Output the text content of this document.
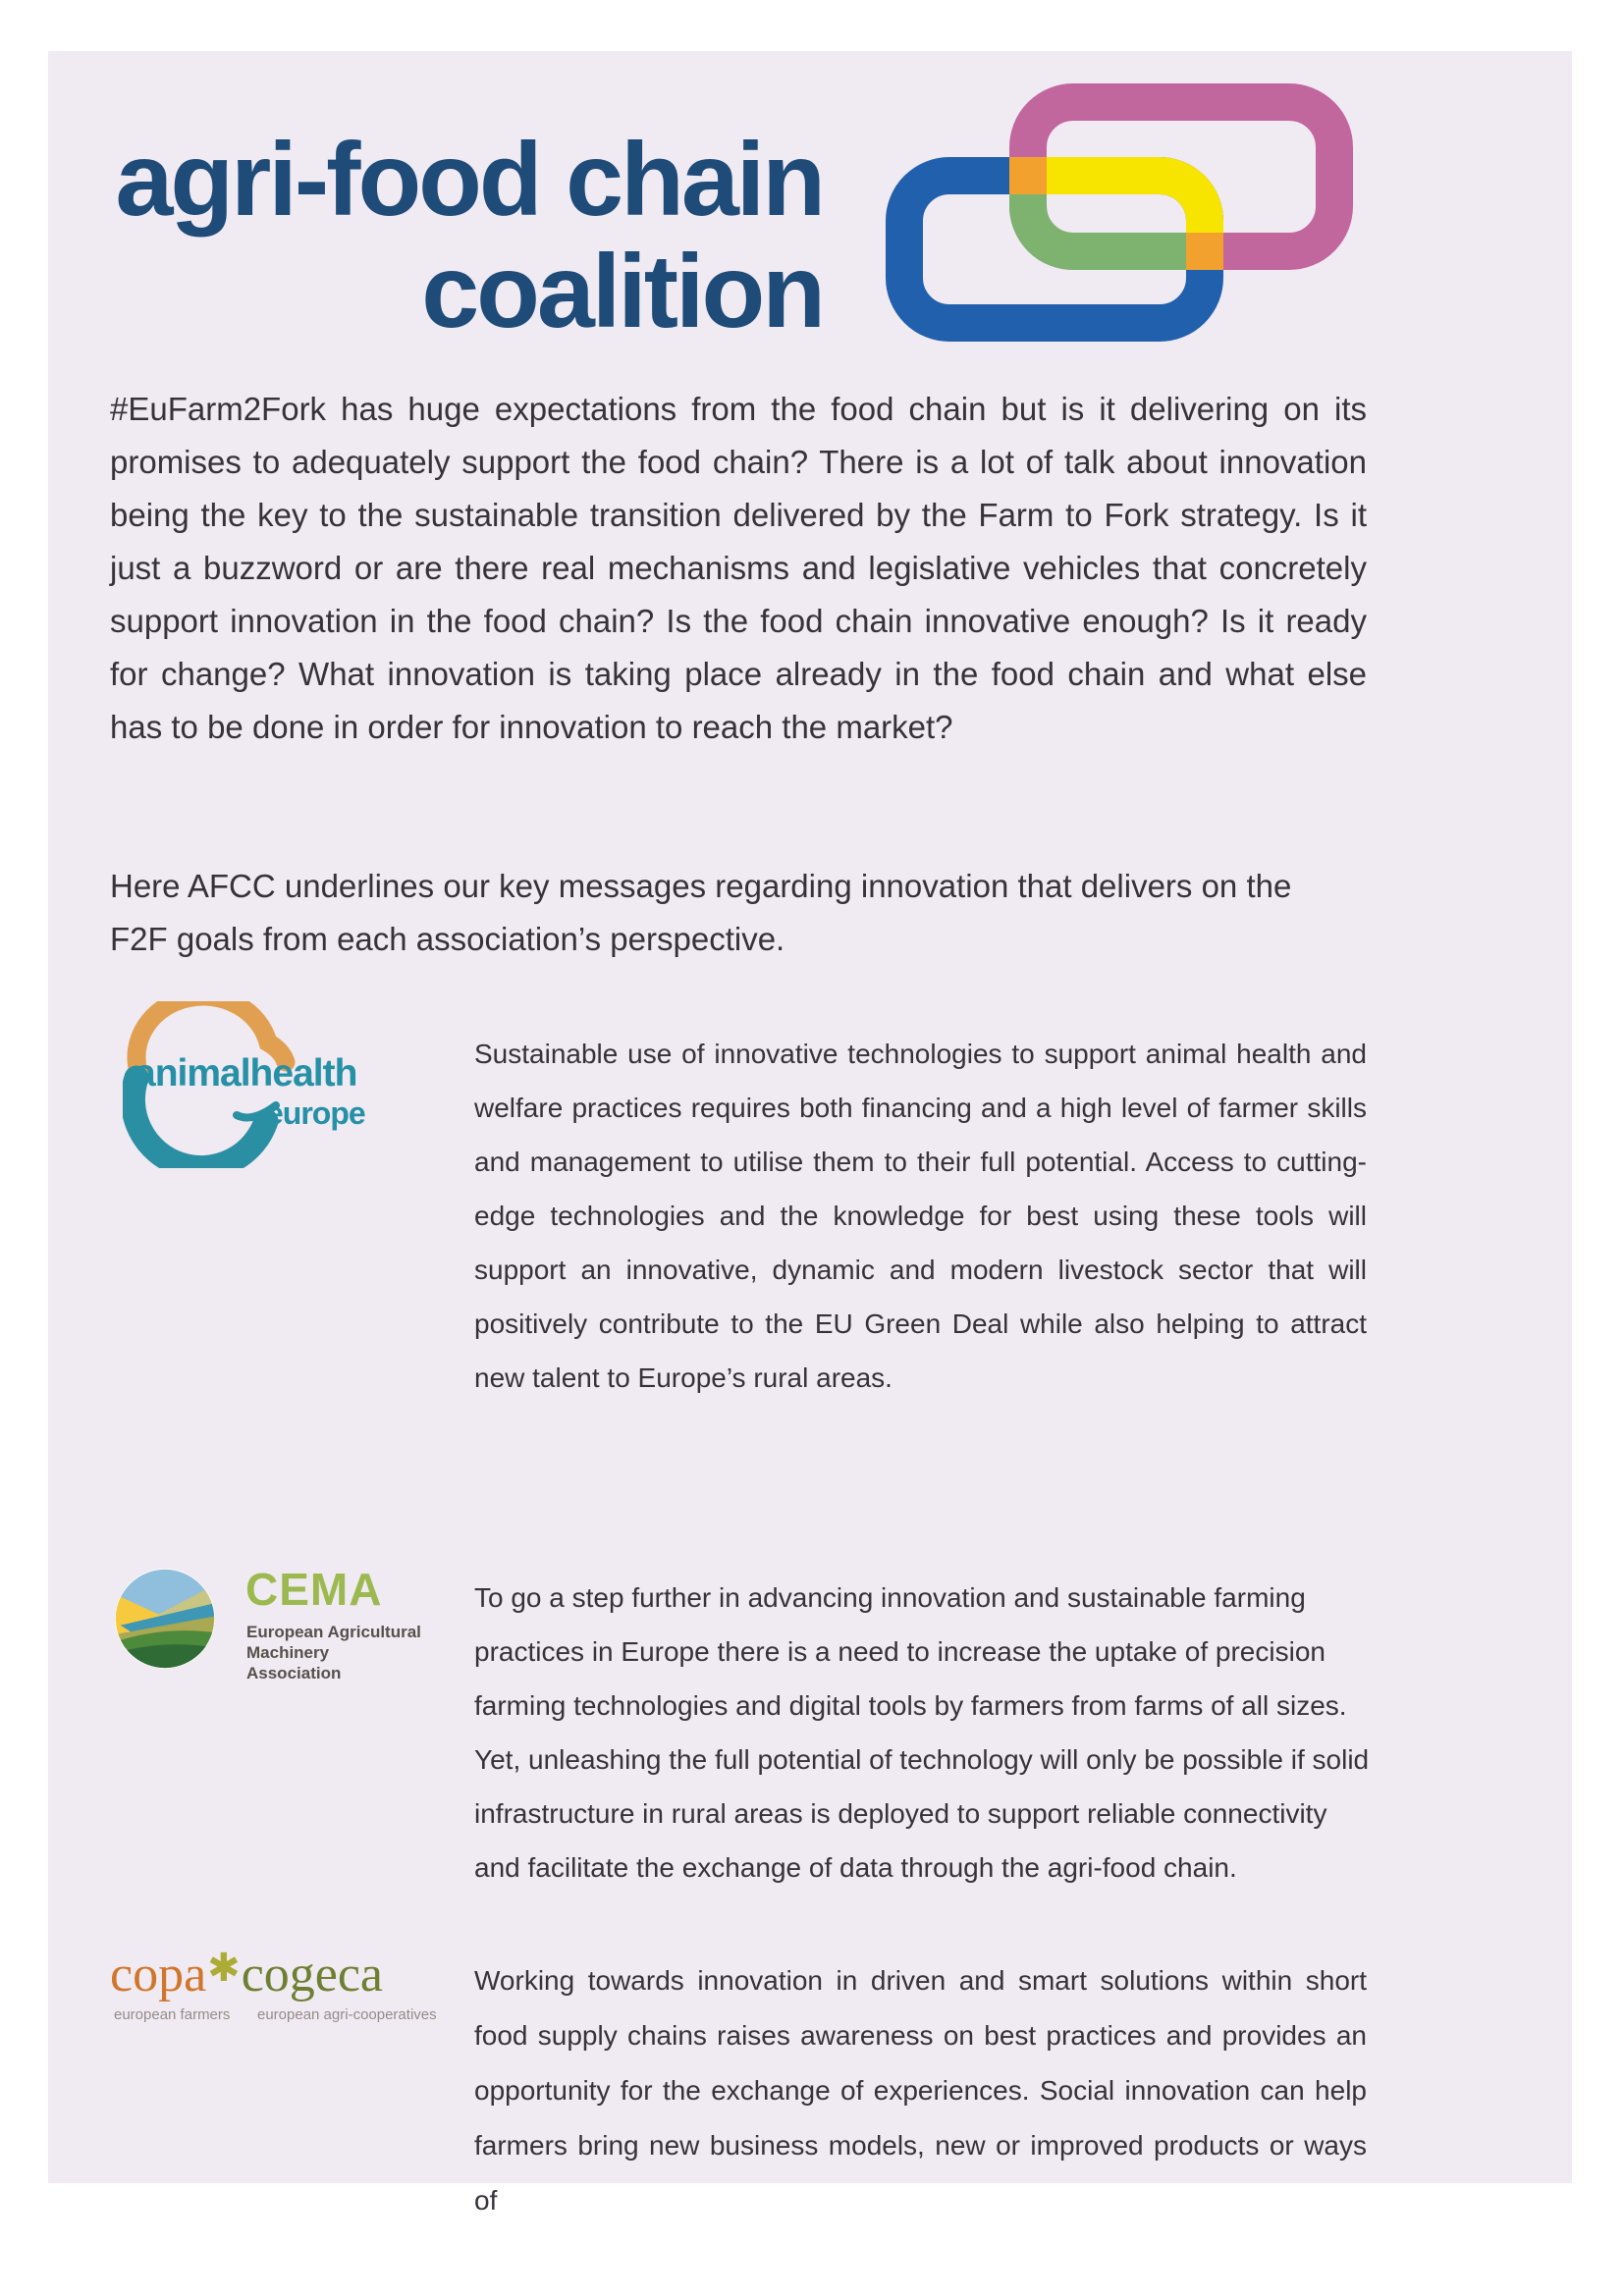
agri-food chain
coalition

#EuFarm2Fork has huge expectations from the food chain but is it delivering on its promises to adequately support the food chain? There is a lot of talk about innovation being the key to the sustainable transition delivered by the Farm to Fork strategy. Is it just a buzzword or are there real mechanisms and legislative vehicles that concretely support innovation in the food chain? Is the food chain innovative enough? Is it ready for change? What innovation is taking place already in the food chain and what else has to be done in order for innovation to reach the market?

Here AFCC underlines our key messages regarding innovation that delivers on the F2F goals from each association’s perspective.

animalhealth
europe
Sustainable use of innovative technologies to support animal health and welfare practices requires both financing and a high level of farmer skills and management to utilise them to their full potential. Access to cutting-edge technologies and the knowledge for best using these tools will support an innovative, dynamic and modern livestock sector that will positively contribute to the EU Green Deal while also helping to attract new talent to Europe’s rural areas.
CEMA
European Agricultural
Machinery Association
To go a step further in advancing innovation and sustainable farming practices in Europe there is a need to increase the uptake of precision farming technologies and digital tools by farmers from farms of all sizes. Yet, unleashing the full potential of technology will only be possible if solid infrastructure in rural areas is deployed to support reliable connectivity and facilitate the exchange of data through the agri-food chain.
copa✱cogeca
european farmers european agri-cooperatives
Working towards innovation in driven and smart solutions within short food supply chains raises awareness on best practices and provides an opportunity for the exchange of experiences. Social innovation can help farmers bring new business models, new or improved products or ways of
